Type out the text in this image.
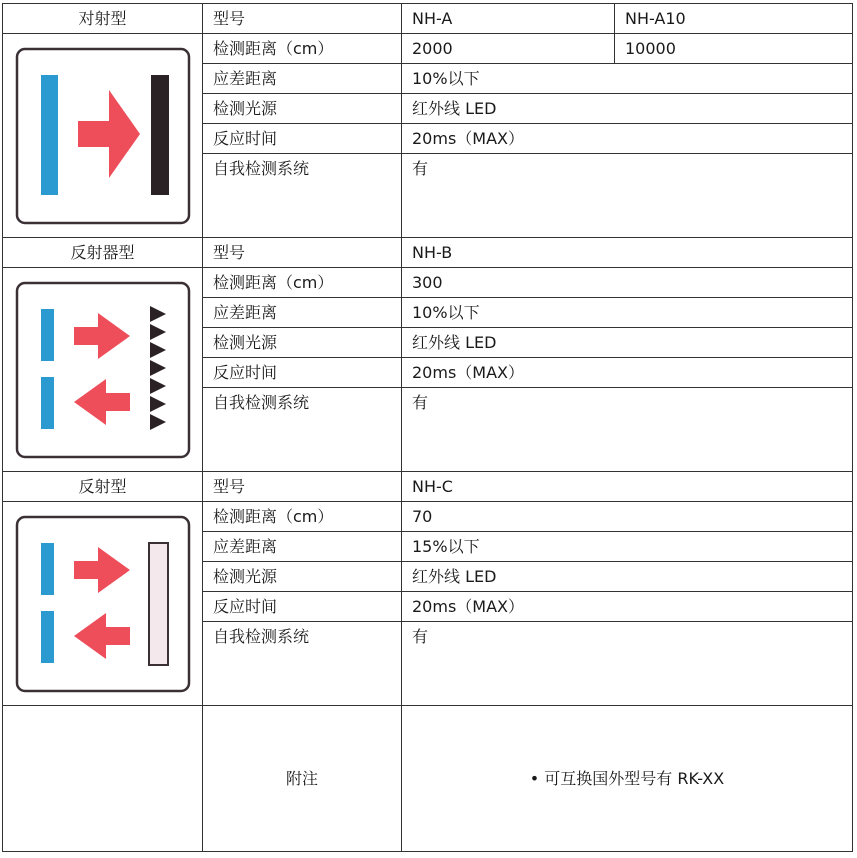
对射型	型号	NH-A	NH-A10

	检测距离（cm）	2000	10000
	应差距离	10%以下	
	检测光源	红外线 LED	
	反应时间	20ms（MAX）	
	自我检测系统	有	
反射器型	型号	NH-B	

	检测距离（cm）	300	
	应差距离	10%以下	
	检测光源	红外线 LED	
	反应时间	20ms（MAX）	
	自我检测系统	有	
反射型	型号	NH-C	

	检测距离（cm）	70	
	应差距离	15%以下	
	检测光源	红外线 LED	
	反应时间	20ms（MAX）	
	自我检测系统	有	
	附注	• 可互换国外型号有 RK-XX	
